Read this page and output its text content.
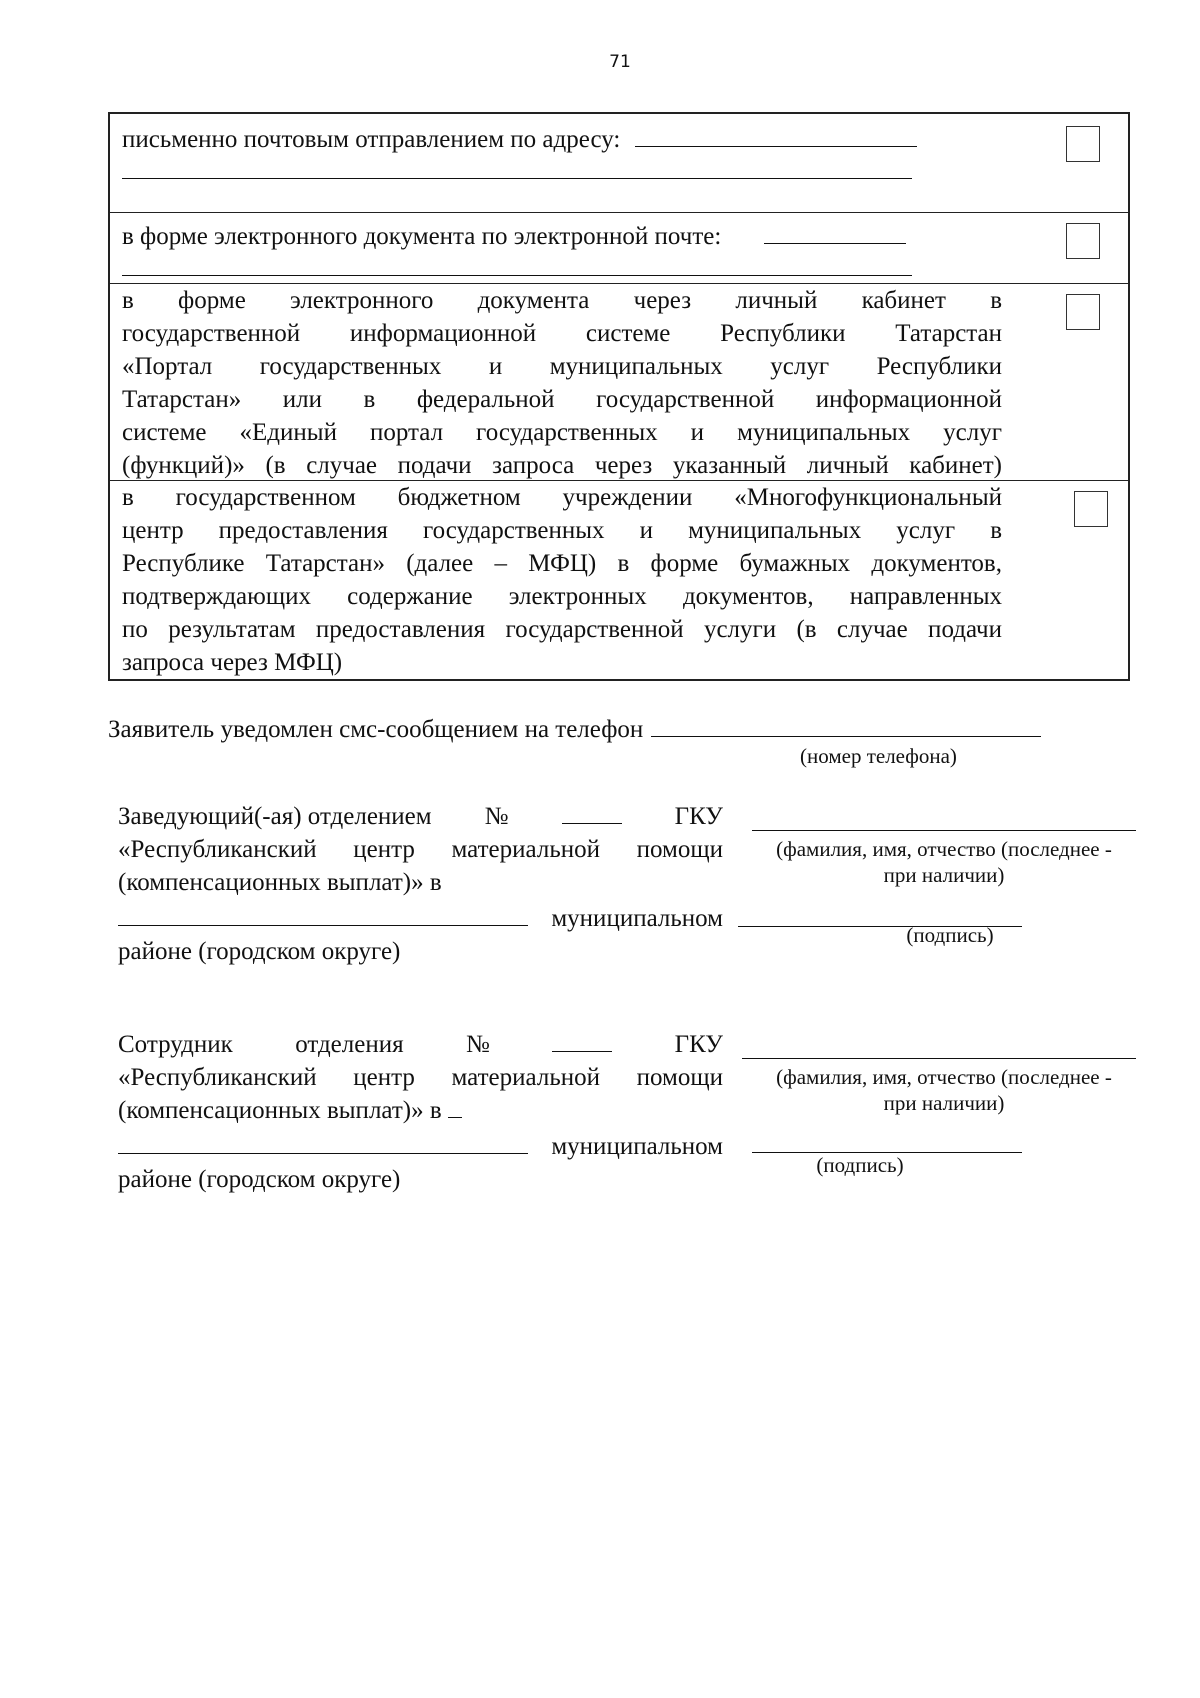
71
письменно почтовым отправлением по адресу:
в форме электронного документа по электронной почте:
в форме электронного документа через личный кабинет в
государственной информационной системе Республики Татарстан
«Портал государственных и муниципальных услуг Республики
Татарстан» или в федеральной государственной информационной
системе «Единый портал государственных и муниципальных услуг
(функций)» (в случае подачи запроса через указанный личный кабинет)
в государственном бюджетном учреждении «Многофункциональный
центр предоставления государственных и муниципальных услуг в
Республике Татарстан» (далее – МФЦ) в форме бумажных документов,
подтверждающих содержание электронных документов, направленных
по результатам предоставления государственной услуги (в случае подачи
запроса через МФЦ)
Заявитель уведомлен смс-сообщением на телефон
(номер телефона)
Заведующий(-ая) отделением №	ГКУ
«Республиканский центр материальной помощи
(компенсационных выплат)» в
муниципальном
районе (городском округе)
(фамилия, имя, отчество (последнее -
при наличии)
(подпись)
Сотрудник отделения №	ГКУ
«Республиканский центр материальной помощи
(компенсационных выплат)» в
муниципальном
районе (городском округе)
(фамилия, имя, отчество (последнее -
при наличии)
(подпись)
